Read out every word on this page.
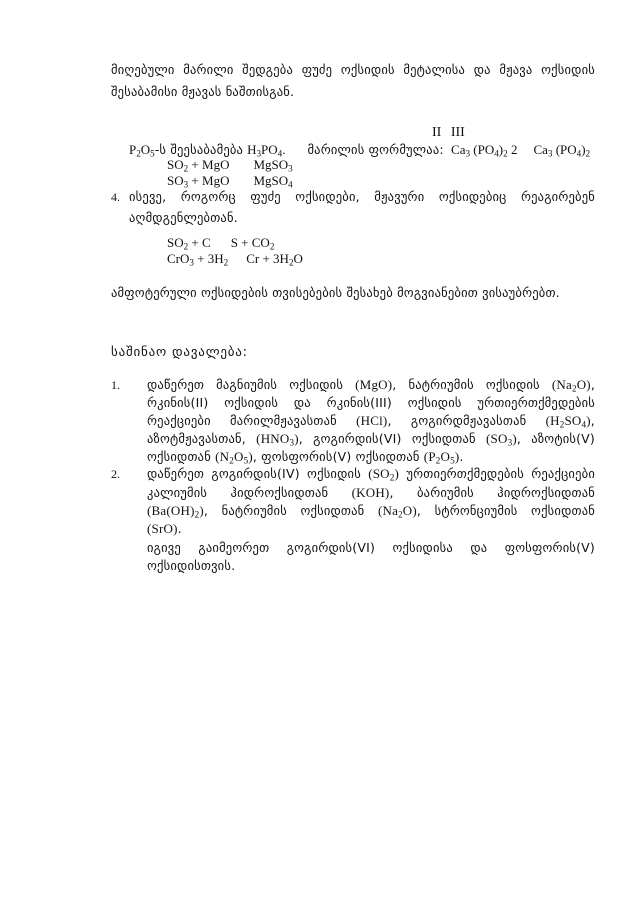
მიღებული მარილი შედგება ფუძე ოქსიდის მეტალისა და მჟავა ოქსიდის
შესაბამისი მჟავას ნაშთისგან.
II III
$P_2O_5-ს$ შეესაბამება $H_3PO_4$. მარილის ფორმულაა:  $Ca_3$ $(PO_4)_2$ 2 $Ca_3$ $(PO_4)_2$
$SO_2$ + MgO MgSO$_3$
$SO_3$ + MgO MgSO$_4$
4. ისევე, როგორც ფუძე ოქსიდები, მჟავური ოქსიდებიც რეაგირებენ
აღმდგენლებთან.
$SO_2 + C$ $S + CO_2$
$CrO_3 + 3H_2$ $Cr + 3H_2O$
ამფოტერული ოქსიდების თვისებების შესახებ მოგვიანებით ვისაუბრებთ.
საშინაო დავალება:
1. დაწერეთ მაგნიუმის ოქსიდის (MgO), ნატრიუმის ოქსიდის $(Na_2O)$,
რკინის(II) ოქსიდის და რკინის(III) ოქსიდის ურთიერთქმედების
რეაქციები მარილმჟავასთან (HCl), გოგირდმჟავასთან $(H_2SO_4)$,
აზოტმჟავასთან, $(HNO_3)$, გოგირდის(VI) ოქსიდთან $(SO_3)$, აზოტის(V)
ოქსიდთან $(N_2O_5)$, ფოსფორის(V) ოქსიდთან $(P_2O_5)$.
2. დაწერეთ გოგირდის(IV) ოქსიდის $(SO_2)$ ურთიერთქმედების რეაქციები
კალიუმის ჰიდროქსიდთან (KOH), ბარიუმის ჰიდროქსიდთან
$(Ba(OH)_2)$, ნატრიუმის ოქსიდთან $(Na_2O)$, სტრონციუმის ოქსიდთან
(SrO).
იგივე გაიმეორეთ გოგირდის(VI) ოქსიდისა და ფოსფორის(V)
ოქსიდისთვის.
